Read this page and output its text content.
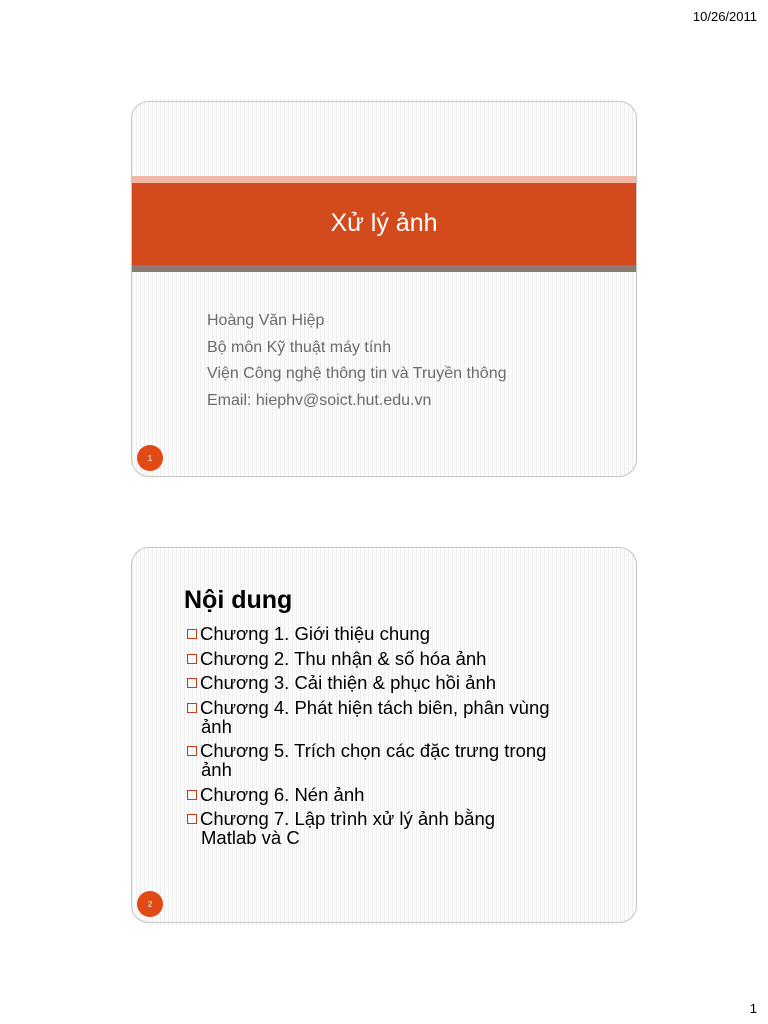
10/26/2011
Xử lý ảnh
Hoàng Văn Hiệp
Bộ môn Kỹ thuật máy tính
Viện Công nghệ thông tin và Truyền thông
Email: hiephv@soict.hut.edu.vn
1
Nội dung
Chương 1. Giới thiệu chung
Chương 2. Thu nhận & số hóa ảnh
Chương 3. Cải thiện & phục hồi ảnh
Chương 4. Phát hiện tách biên, phân vùng
ảnh
Chương 5. Trích chọn các đặc trưng trong
ảnh
Chương 6. Nén ảnh
Chương 7. Lập trình xử lý ảnh bằng
Matlab và C
2
1
